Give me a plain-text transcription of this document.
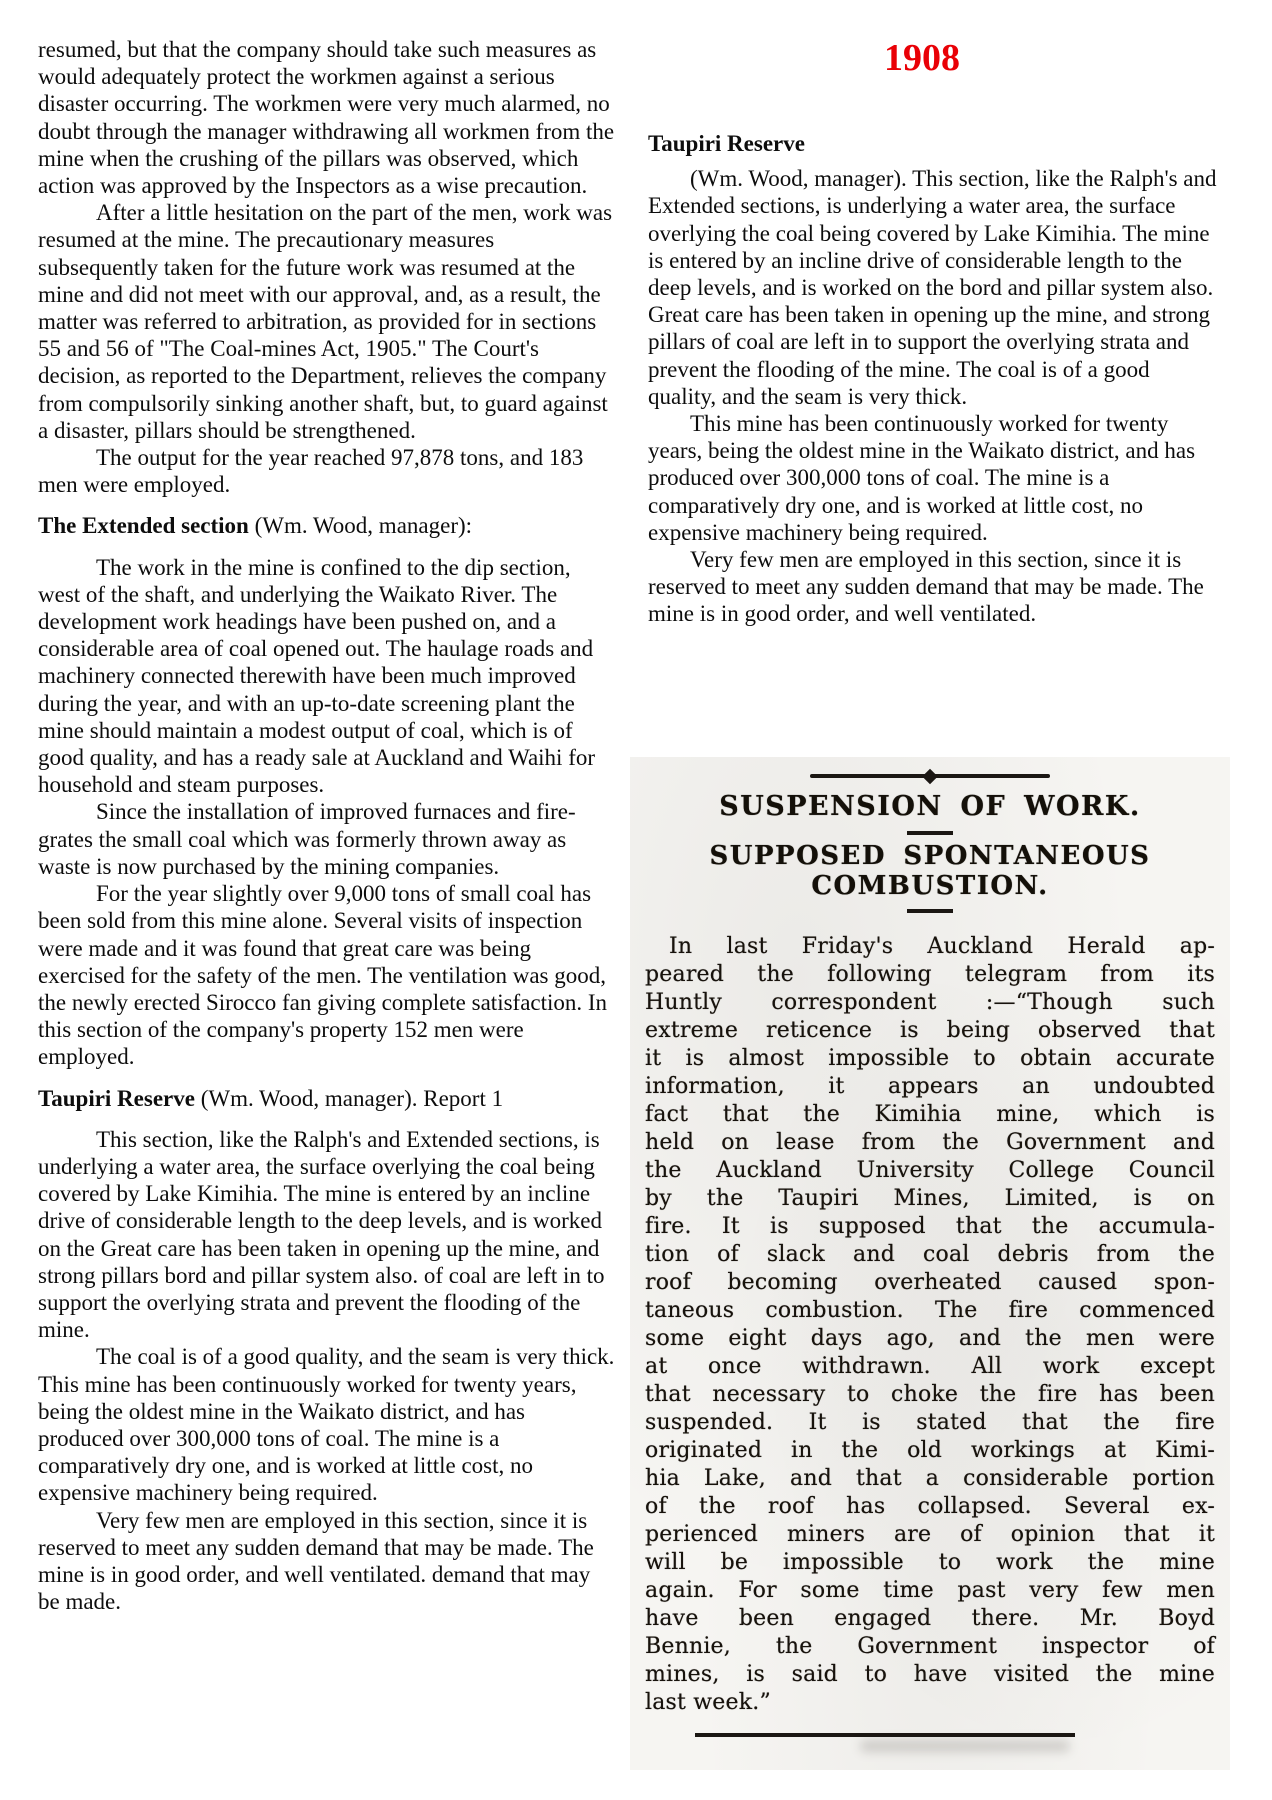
resumed, but that the company should take such measures as would adequately protect the workmen against a serious disaster occurring. The workmen were very much alarmed, no doubt through the manager withdrawing all workmen from the mine when the crushing of the pillars was observed, which action was approved by the Inspectors as a wise precaution.

After a little hesitation on the part of the men, work was resumed at the mine. The precautionary measures subsequently taken for the future work was resumed at the mine and did not meet with our approval, and, as a result, the matter was referred to arbitration, as provided for in sections 55 and 56 of "The Coal-mines Act, 1905." The Court's decision, as reported to the Department, relieves the company from compulsorily sinking another shaft, but, to guard against a disaster, pillars should be strengthened.

The output for the year reached 97,878 tons, and 183 men were employed.

The Extended section (Wm. Wood, manager):

The work in the mine is confined to the dip section, west of the shaft, and underlying the Waikato River. The development work headings have been pushed on, and a considerable area of coal opened out. The haulage roads and machinery connected therewith have been much improved during the year, and with an up-to-date screening plant the mine should maintain a modest output of coal, which is of good quality, and has a ready sale at Auckland and Waihi for household and steam purposes.

Since the installation of improved furnaces and fire-grates the small coal which was formerly thrown away as waste is now purchased by the mining companies.

For the year slightly over 9,000 tons of small coal has been sold from this mine alone. Several visits of inspection were made and it was found that great care was being exercised for the safety of the men. The ventilation was good, the newly erected Sirocco fan giving complete satisfaction. In this section of the company's property 152 men were employed.

Taupiri Reserve (Wm. Wood, manager). Report 1

This section, like the Ralph's and Extended sections, is underlying a water area, the surface overlying the coal being covered by Lake Kimihia. The mine is entered by an incline drive of considerable length to the deep levels, and is worked on the Great care has been taken in opening up the mine, and strong pillars bord and pillar system also. of coal are left in to support the overlying strata and prevent the flooding of the mine.

The coal is of a good quality, and the seam is very thick. This mine has been continuously worked for twenty years, being the oldest mine in the Waikato district, and has produced over 300,000 tons of coal. The mine is a comparatively dry one, and is worked at little cost, no expensive machinery being required.

Very few men are employed in this section, since it is reserved to meet any sudden demand that may be made. The mine is in good order, and well ventilated. demand that may be made.

1908

Taupiri Reserve

(Wm. Wood, manager). This section, like the Ralph's and Extended sections, is underlying a water area, the surface overlying the coal being covered by Lake Kimihia. The mine is entered by an incline drive of considerable length to the deep levels, and is worked on the bord and pillar system also. Great care has been taken in opening up the mine, and strong pillars of coal are left in to support the overlying strata and prevent the flooding of the mine. The coal is of a good quality, and the seam is very thick.

This mine has been continuously worked for twenty years, being the oldest mine in the Waikato district, and has produced over 300,000 tons of coal. The mine is a comparatively dry one, and is worked at little cost, no expensive machinery being required.

Very few men are employed in this section, since it is reserved to meet any sudden demand that may be made. The mine is in good order, and well ventilated.

SUSPENSION OF WORK.
SUPPOSED SPONTANEOUS
COMBUSTION.
In last Friday's Auckland Herald ap-
peared the following telegram from its
Huntly correspondent :—“Though such
extreme reticence is being observed that
it is almost impossible to obtain accurate
information, it appears an undoubted
fact that the Kimihia mine, which is
held on lease from the Government and
the Auckland University College Council
by the Taupiri Mines, Limited, is on
fire. It is supposed that the accumula-
tion of slack and coal debris from the
roof becoming overheated caused spon-
taneous combustion. The fire commenced
some eight days ago, and the men were
at once withdrawn. All work except
that necessary to choke the fire has been
suspended. It is stated that the fire
originated in the old workings at Kimi-
hia Lake, and that a considerable portion
of the roof has collapsed. Several ex-
perienced miners are of opinion that it
will be impossible to work the mine
again. For some time past very few men
have been engaged there. Mr. Boyd
Bennie, the Government inspector of
mines, is said to have visited the mine
last week.”
